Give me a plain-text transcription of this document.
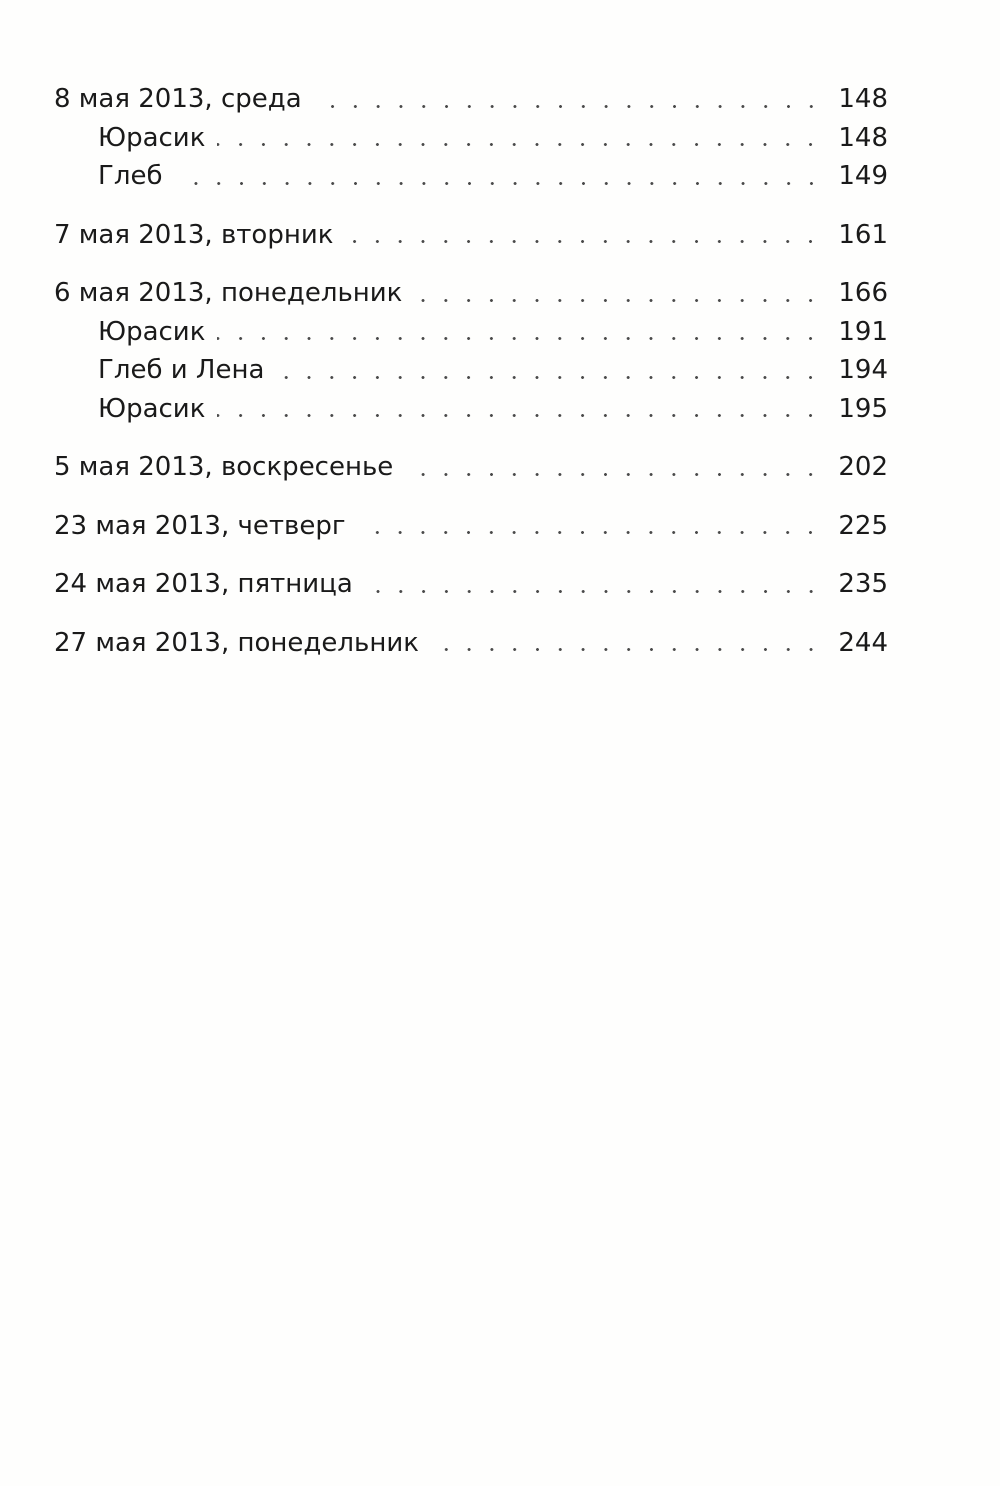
8 мая 2013, среда	148
Юрасик	148
Глеб	149
7 мая 2013, вторник	161
6 мая 2013, понедельник	166
Юрасик	191
Глеб и Лена	194
Юрасик	195
5 мая 2013, воскресенье	202
23 мая 2013, четверг	225
24 мая 2013, пятница	235
27 мая 2013, понедельник	244
